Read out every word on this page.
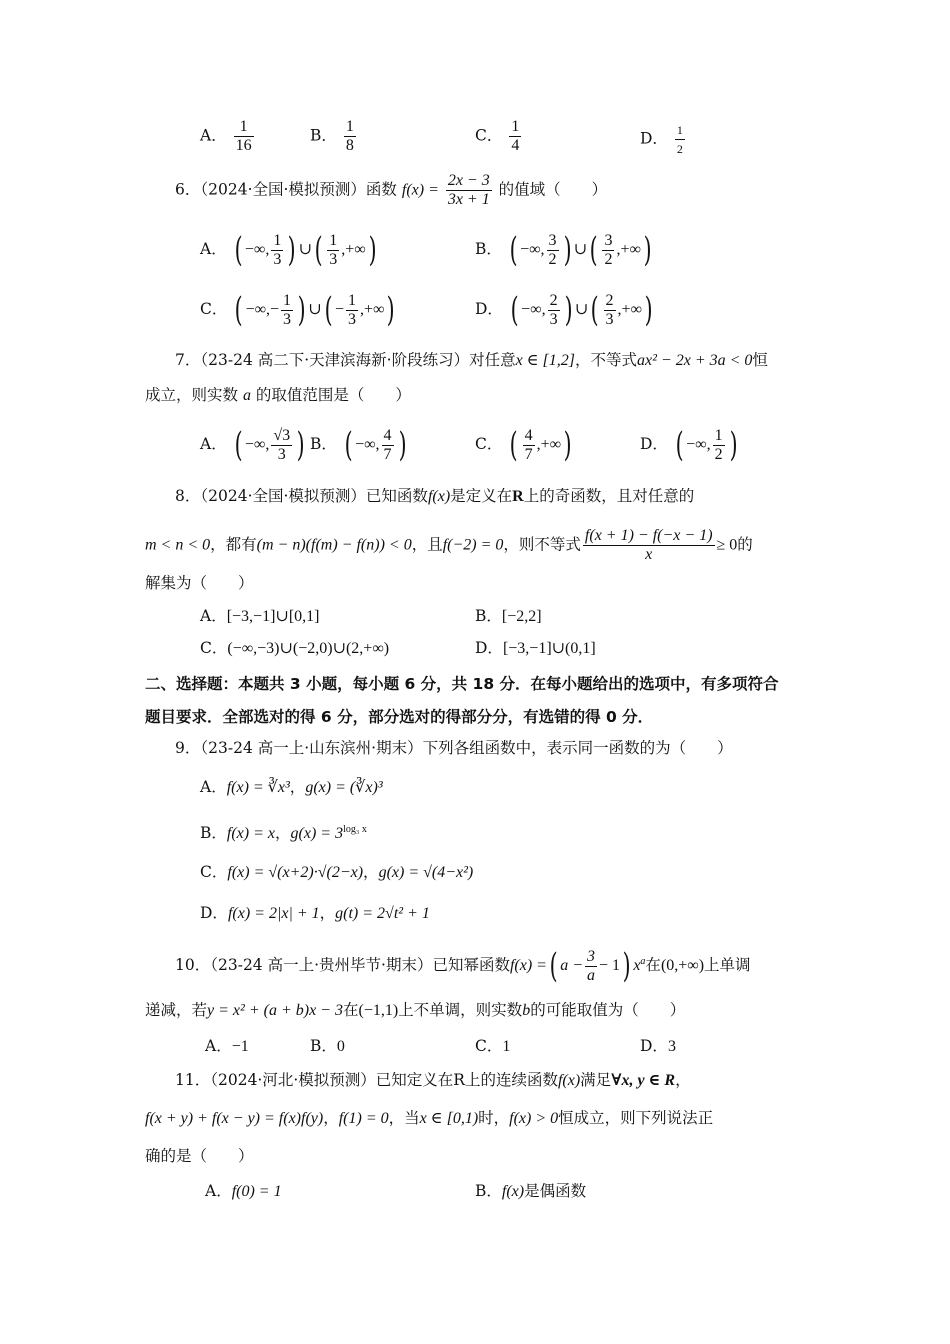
A． $\frac{1}{16}$	B． $\frac{1}{8}$	C． $\frac{1}{4}$	D． $\frac{1}{2}$
6．（2024·全国·模拟预测）函数 $f(x) = \frac{2x - 3}{3x + 1}$ 的值域（　　）
A． ( −∞, $\frac{1}{3}$ ) ∪( $\frac{1}{3}$ ,+∞)	B． ( −∞, $\frac{3}{2}$ ) ∪( $\frac{3}{2}$ ,+∞)
C． ( −∞,− $\frac{1}{3}$ ) ∪( − $\frac{1}{3}$ ,+∞)	D． ( −∞, $\frac{2}{3}$ ) ∪( $\frac{2}{3}$ ,+∞)
7．（23-24 高二下·天津滨海新·阶段练习）对任意x ∈ [1,2]，不等式ax² − 2x + 3a < 0恒
成立，则实数 a 的取值范围是（　　）
A． ( −∞, $\frac{√3}{3}$ ) B． ( −∞, $\frac{4}{7}$ )	C． ( $\frac{4}{7}$ ,+∞)	D． ( −∞, $\frac{1}{2}$ )
8．（2024·全国·模拟预测）已知函数f(x)是定义在R上的奇函数，且对任意的
m < n < 0，都有(m − n)(f(m) − f(n)) < 0，且f(−2) = 0，则不等式 $\frac{f(x + 1) - f(-x - 1)}{x} \ge 0$的
解集为（　　）
A．[−3,−1]∪[0,1]	B．[−2,2]
C．(−∞,−3)∪(−2,0)∪(2,+∞)	D．[−3,−1]∪(0,1]
二、选择题：本题共 3 小题，每小题 6 分，共 18 分．在每小题给出的选项中，有多项符合
题目要求．全部选对的得 6 分，部分选对的得部分分，有选错的得 0 分．
9．（23-24 高一上·山东滨州·期末）下列各组函数中，表示同一函数的为（　　）
A．f(x) = ∛x³，g(x) = (∛x)³
B．f(x) = x，$g(x) = 3^{log_3 x}$
C．f(x) = √(x+2)·√(2−x)，g(x) = √(4−x²)
D．f(x) = 2|x| + 1，g(t) = 2√t² + 1
10．（23-24 高一上·贵州毕节·期末）已知幂函数f(x) =( $a - \frac{3}{a} - 1$) $x^a$在(0,+∞)上单调
递减，若y = x² + (a + b)x − 3在(−1,1)上不单调，则实数b的可能取值为（　　）
A．−1	B．0	C．1	D．3
11．（2024·河北·模拟预测）已知定义在R上的连续函数f(x)满足∀x, y ∈ R，
f(x + y) + f(x − y) = f(x)f(y)，f(1) = 0，当x ∈ [0,1)时，f(x) > 0恒成立，则下列说法正
确的是（　　）
A．f(0) = 1	B．f(x)是偶函数
